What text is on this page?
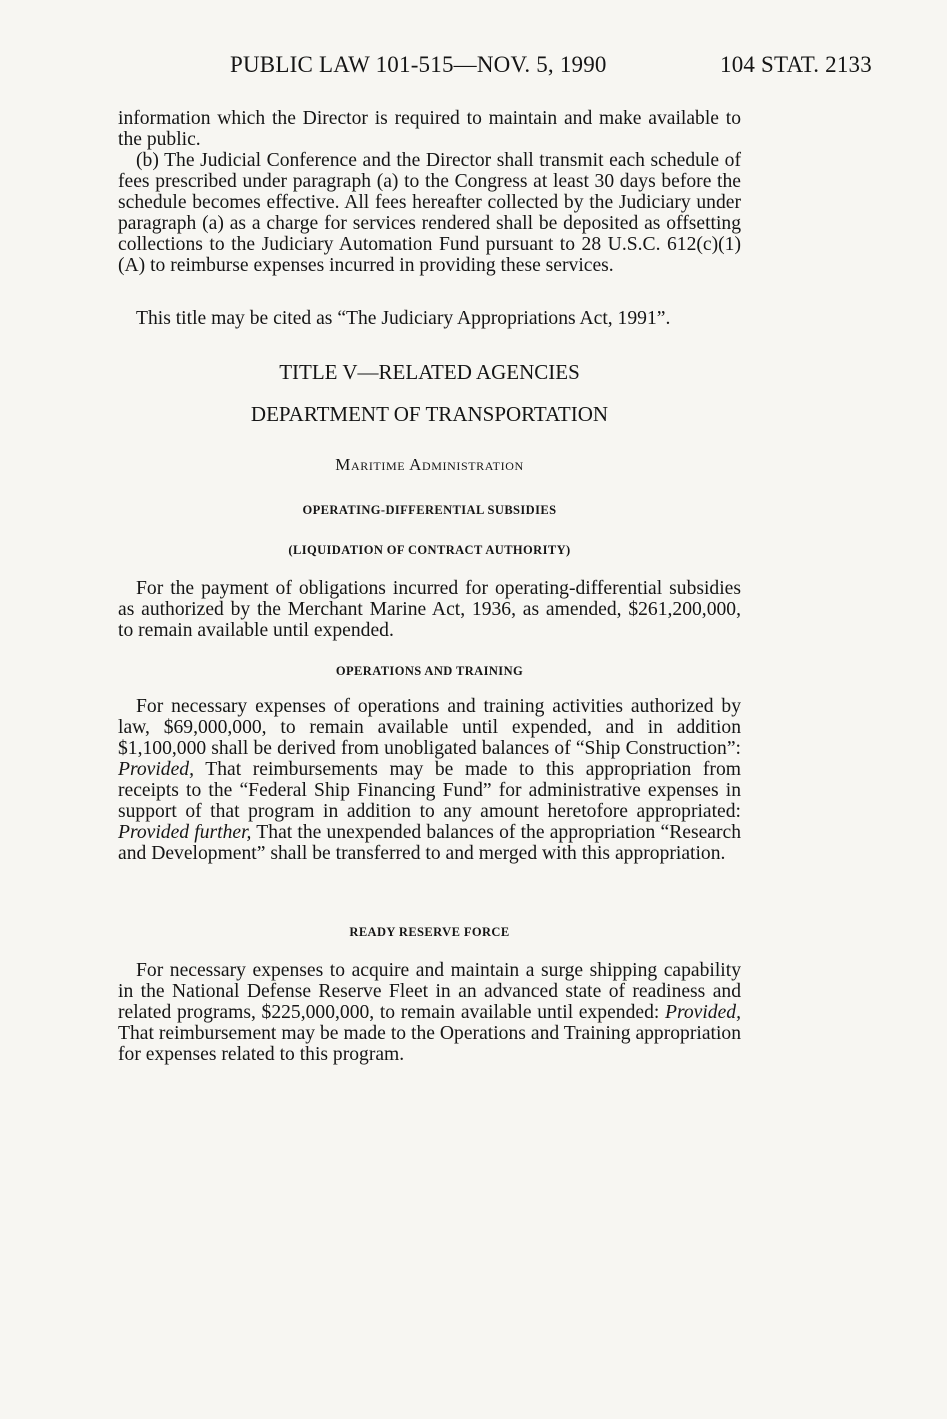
PUBLIC LAW 101-515—NOV. 5, 1990	104 STAT. 2133

information which the Director is required to maintain and make available to the public.

(b) The Judicial Conference and the Director shall transmit each schedule of fees prescribed under paragraph (a) to the Congress at least 30 days before the schedule becomes effective. All fees hereafter collected by the Judiciary under paragraph (a) as a charge for services rendered shall be deposited as offsetting collections to the Judiciary Automation Fund pursuant to 28 U.S.C. 612(c)(1)(A) to reimburse expenses incurred in providing these services.

This title may be cited as “The Judiciary Appropriations Act, 1991”.

TITLE V—RELATED AGENCIES
DEPARTMENT OF TRANSPORTATION
Maritime Administration
OPERATING-DIFFERENTIAL SUBSIDIES
(LIQUIDATION OF CONTRACT AUTHORITY)

For the payment of obligations incurred for operating-differential subsidies as authorized by the Merchant Marine Act, 1936, as amended, $261,200,000, to remain available until expended.

OPERATIONS AND TRAINING

For necessary expenses of operations and training activities authorized by law, $69,000,000, to remain available until expended, and in addition $1,100,000 shall be derived from unobligated balances of “Ship Construction”: Provided, That reimbursements may be made to this appropriation from receipts to the “Federal Ship Financing Fund” for administrative expenses in support of that program in addition to any amount heretofore appropriated: Provided further, That the unexpended balances of the appropriation “Research and Development” shall be transferred to and merged with this appropriation.

READY RESERVE FORCE

For necessary expenses to acquire and maintain a surge shipping capability in the National Defense Reserve Fleet in an advanced state of readiness and related programs, $225,000,000, to remain available until expended: Provided, That reimbursement may be made to the Operations and Training appropriation for expenses related to this program.
